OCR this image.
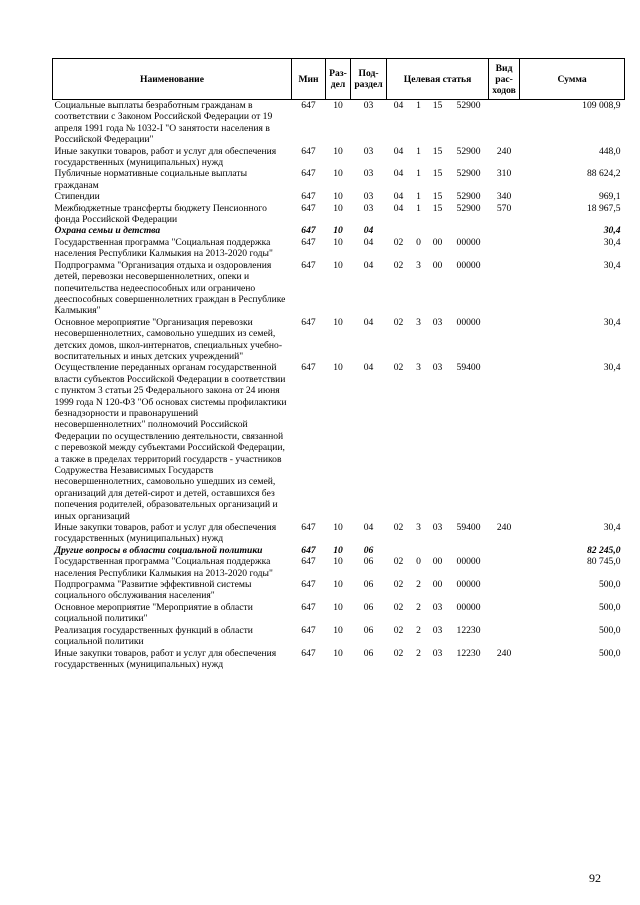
Наименование	Мин	Раз-дел	Под-раздел	Целевая статья				Вид рас-ходов	Сумма
Социальные выплаты безработным гражданам в соответствии с Законом Российской Федерации от 19 апреля 1991 года № 1032-I "О занятости населения в Российской Федерации"	647	10	03	04	1	15	52900		109 008,9
Иные закупки товаров, работ и услуг для обеспечения государственных (муниципальных) нужд	647	10	03	04	1	15	52900	240	448,0
Публичные нормативные социальные выплаты гражданам	647	10	03	04	1	15	52900	310	88 624,2
Стипендии	647	10	03	04	1	15	52900	340	969,1
Межбюджетные трансферты бюджету Пенсионного фонда Российской Федерации	647	10	03	04	1	15	52900	570	18 967,5
Охрана семьи и детства	647	10	04						30,4
Государственная программа "Социальная поддержка населения Республики Калмыкия на 2013-2020 годы"	647	10	04	02	0	00	00000		30,4
Подпрограмма "Организация отдыха и оздоровления детей, перевозки несовершеннолетних, опеки и попечительства недееспособных или ограничено дееспособных совершеннолетних граждан в Республике Калмыкия"	647	10	04	02	3	00	00000		30,4
Основное мероприятие "Организация перевозки несовершеннолетних, самовольно ушедших из семей, детских домов, школ-интернатов, специальных учебно-воспитательных и иных детских учреждений"	647	10	04	02	3	03	00000		30,4
Осуществление переданных органам государственной власти субъектов Российской Федерации в соответствии с пунктом 3 статьи 25 Федерального закона от 24 июня 1999 года N 120-ФЗ "Об основах системы профилактики безнадзорности и правонарушений несовершеннолетних" полномочий Российской Федерации по осуществлению деятельности, связанной с перевозкой между субъектами Российской Федерации, а также в пределах территорий государств - участников Содружества Независимых Государств несовершеннолетних, самовольно ушедших из семей, организаций для детей-сирот и детей, оставшихся без попечения родителей, образовательных организаций и иных организаций	647	10	04	02	3	03	59400		30,4
Иные закупки товаров, работ и услуг для обеспечения государственных (муниципальных) нужд	647	10	04	02	3	03	59400	240	30,4
Другие вопросы в области социальной политики	647	10	06						82 245,0
Государственная программа "Социальная поддержка населения Республики Калмыкия на 2013-2020 годы"	647	10	06	02	0	00	00000		80 745,0
Подпрограмма "Развитие эффективной системы социального обслуживания населения"	647	10	06	02	2	00	00000		500,0
Основное мероприятие "Мероприятие в области социальной политики"	647	10	06	02	2	03	00000		500,0
Реализация государственных функций в области социальной политики	647	10	06	02	2	03	12230		500,0
Иные закупки товаров, работ и услуг для обеспечения государственных (муниципальных) нужд	647	10	06	02	2	03	12230	240	500,0
92
